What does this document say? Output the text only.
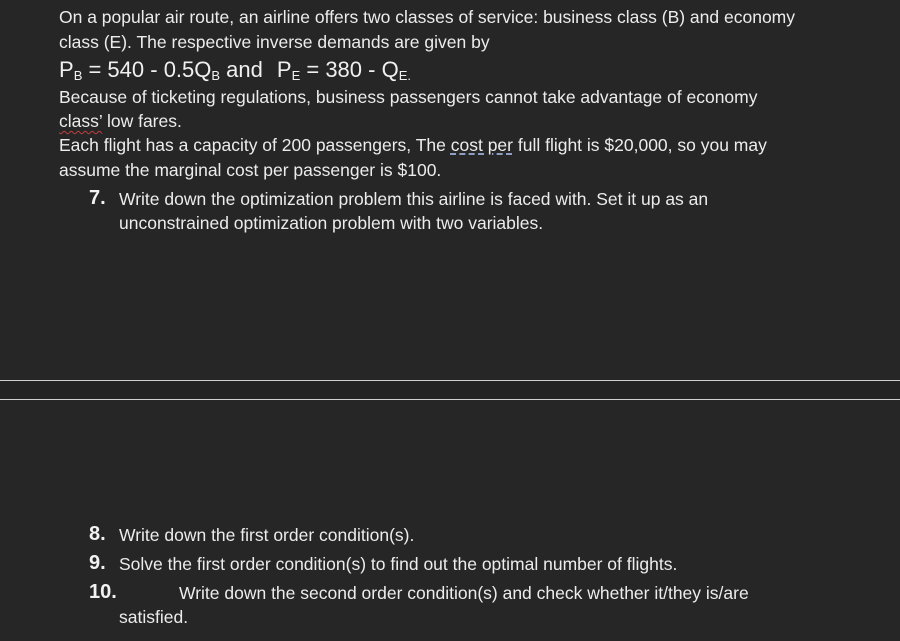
On a popular air route, an airline offers two classes of service: business class (B) and economy
class (E). The respective inverse demands are given by
$P_B = 540 - 0.5Q_B$ and $P_E = 380 - Q_{E.}$
Because of ticketing regulations, business passengers cannot take advantage of economy
class’ low fares.
Each flight has a capacity of 200 passengers, The cost per full flight is $20,000, so you may
assume the marginal cost per passenger is $100.
7. Write down the optimization problem this airline is faced with. Set it up as an
unconstrained optimization problem with two variables.
8. Write down the first order condition(s).
9. Solve the first order condition(s) to find out the optimal number of flights.
10.	Write down the second order condition(s) and check whether it/they is/are
satisfied.
